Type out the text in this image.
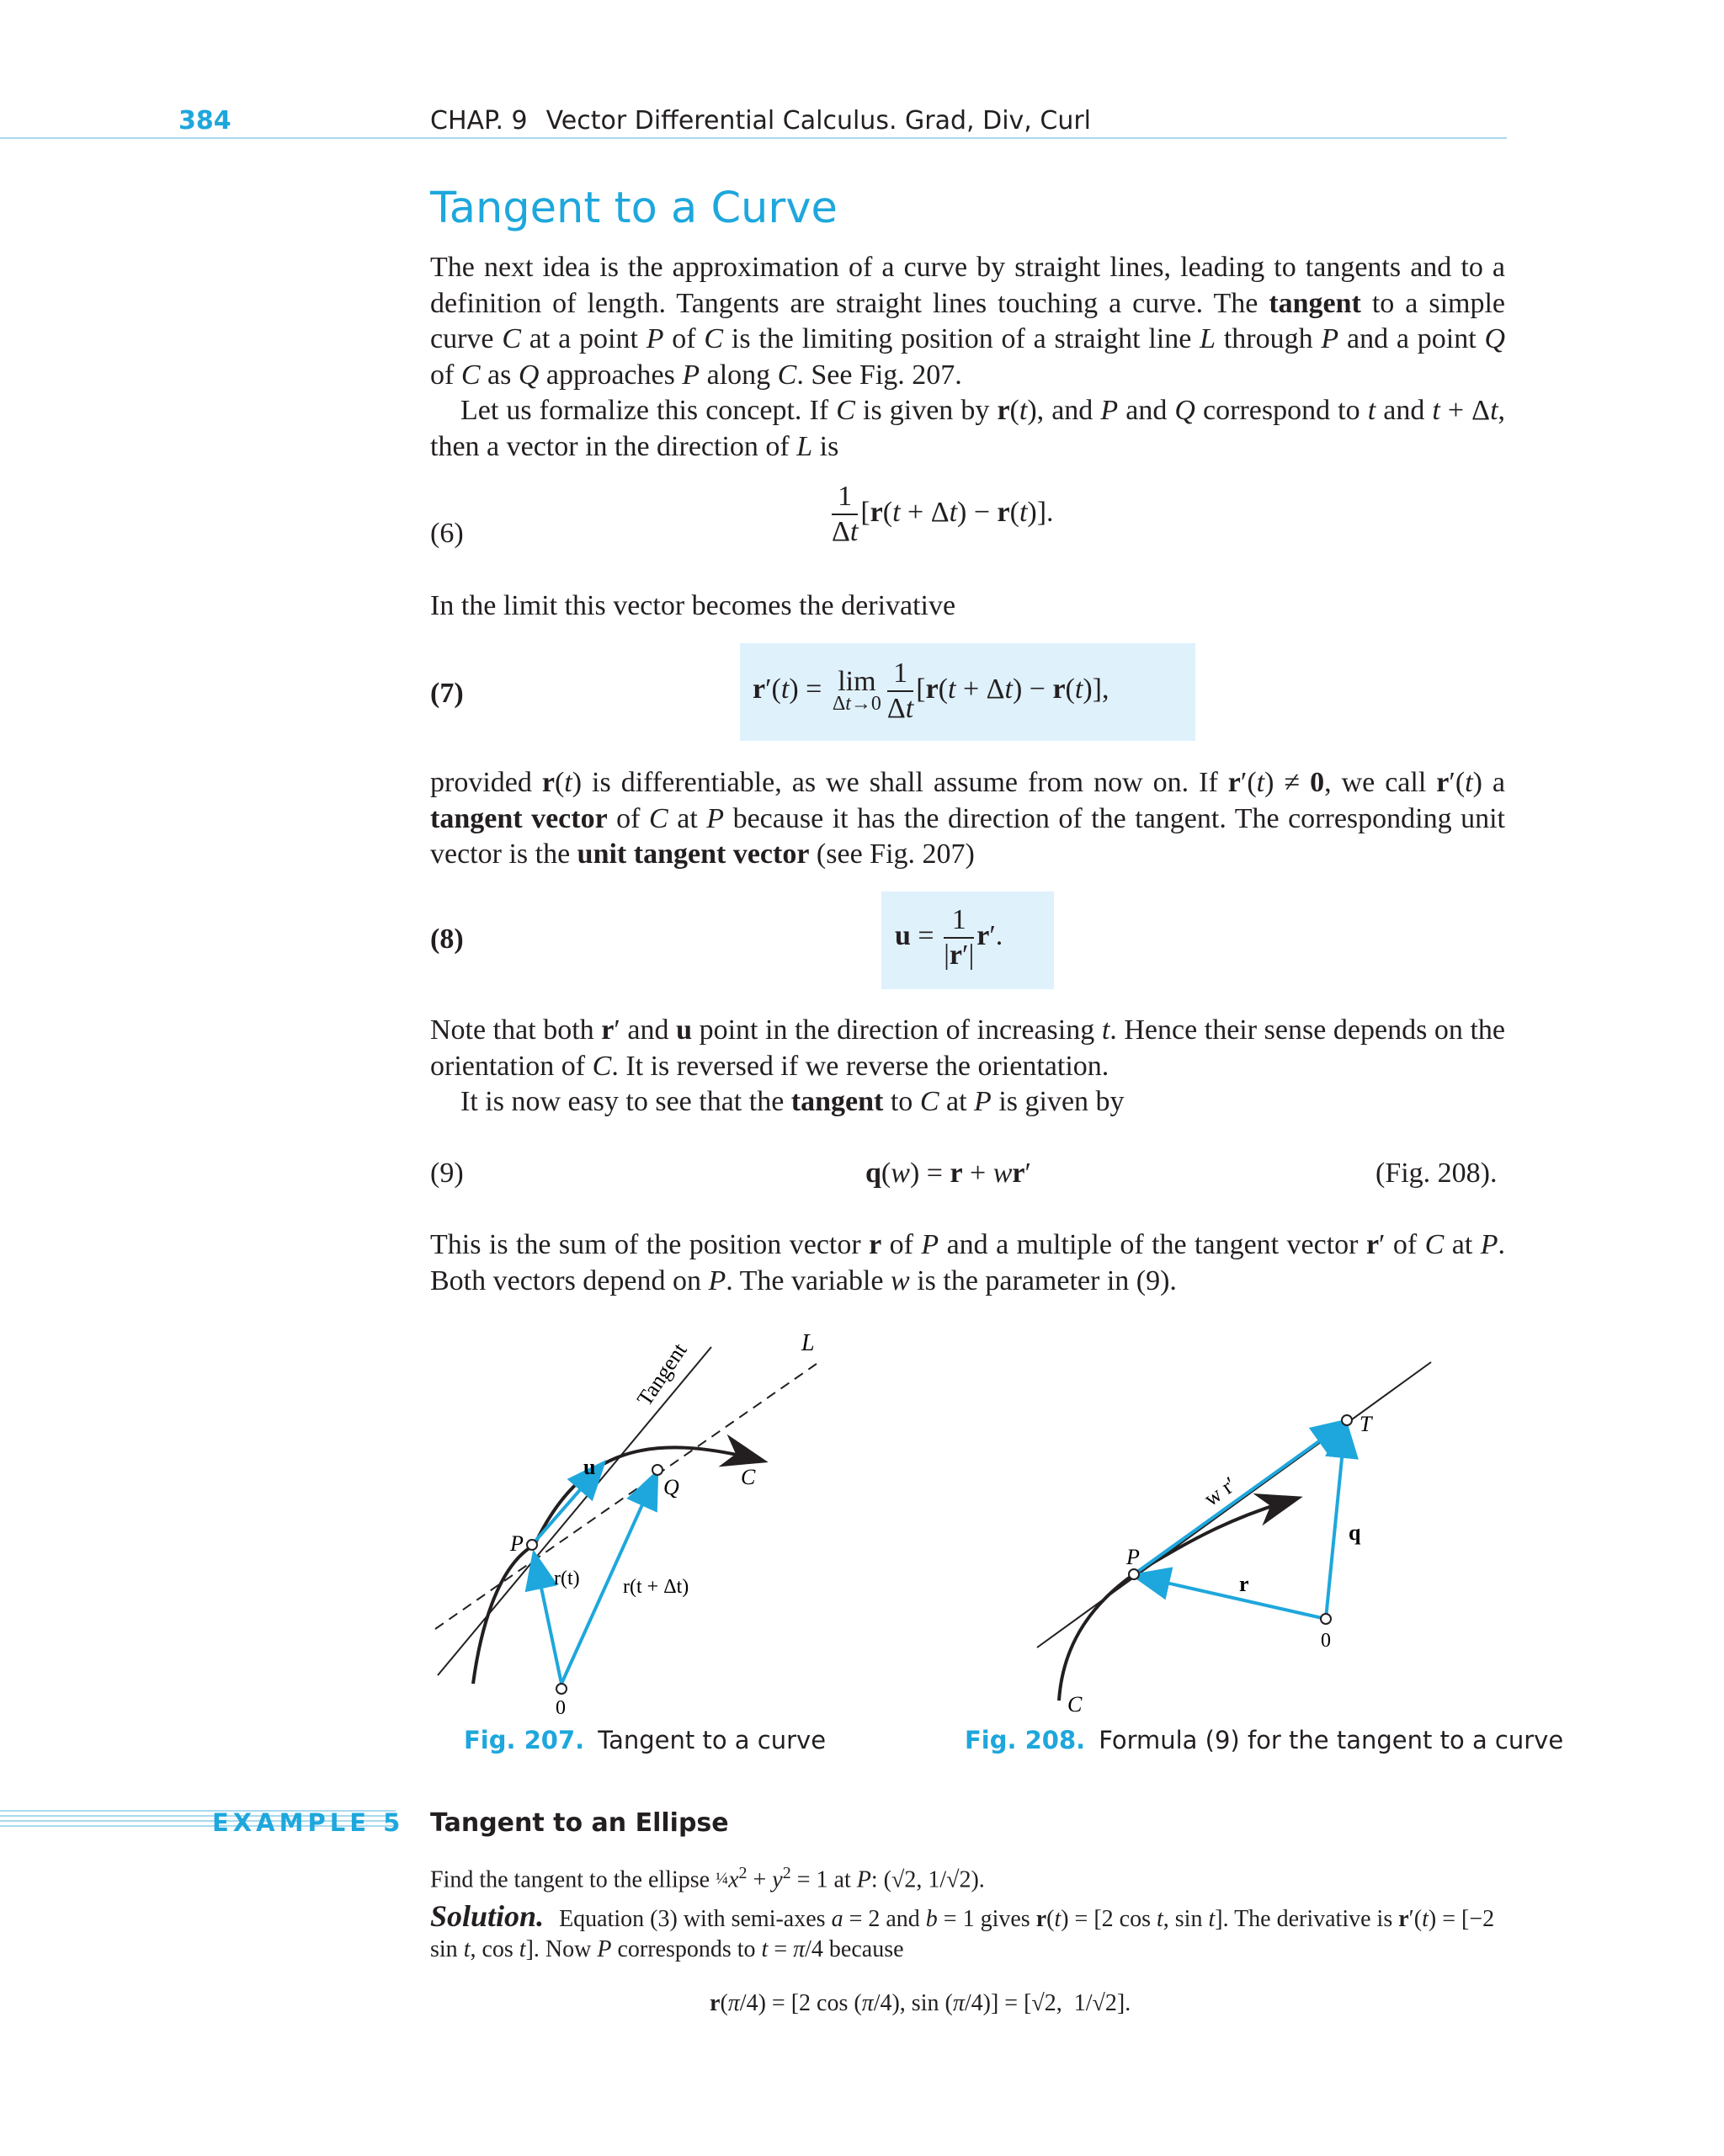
384	CHAP. 9 Vector Differential Calculus. Grad, Div, Curl
Tangent to a Curve

The next idea is the approximation of a curve by straight lines, leading to tangents and to a definition of length. Tangents are straight lines touching a curve. The tangent to a simple curve C at a point P of C is the limiting position of a straight line L through P and a point Q of C as Q approaches P along C. See Fig. 207.

Let us formalize this concept. If C is given by r(t), and P and Q correspond to t and t + Δt, then a vector in the direction of L is

(6)	$\frac{1}{\Delta t} [r(t + \Delta t) - r(t)]$.

In the limit this vector becomes the derivative

(7)	r′(t) = lim
$\Delta t\to 0 \frac{1}{\Delta t} [r(t + \Delta t) - r(t)]$,

provided r(t) is differentiable, as we shall assume from now on. If r′(t) ≠ 0, we call r′(t) a tangent vector of C at P because it has the direction of the tangent. The corresponding unit vector is the unit tangent vector (see Fig. 207)

(8)	$u = \frac{1}{|r'|} r'$.

Note that both r′ and u point in the direction of increasing t. Hence their sense depends on the orientation of C. It is reversed if we reverse the orientation.

It is now easy to see that the tangent to C at P is given by

(9)	q(w) = r + wr′	(Fig. 208).

This is the sum of the position vector r of P and a multiple of the tangent vector r′ of C at P. Both vectors depend on P. The variable w is the parameter in (9).

Tangent	L
u
Q	C
P
r(t) r(t + Δt)
0
T
w r′
q
P
r
0
C
Fig. 207. Tangent to a curve	Fig. 208. Formula (9) for the tangent to a curve
EXAMPLE 5 Tangent to an Ellipse
Find the tangent to the ellipse $\frac{1}{4}x^2 + y^2 = 1$ at P: (√2, 1/√2).
Solution. Equation (3) with semi-axes a = 2 and b = 1 gives r(t) = [2 cos t, sin t]. The derivative is r′(t) = [−2 sin t, cos t]. Now P corresponds to t = π/4 because
r(π/4) = [2 cos (π/4), sin (π/4)] = [√2,  1/√2].
